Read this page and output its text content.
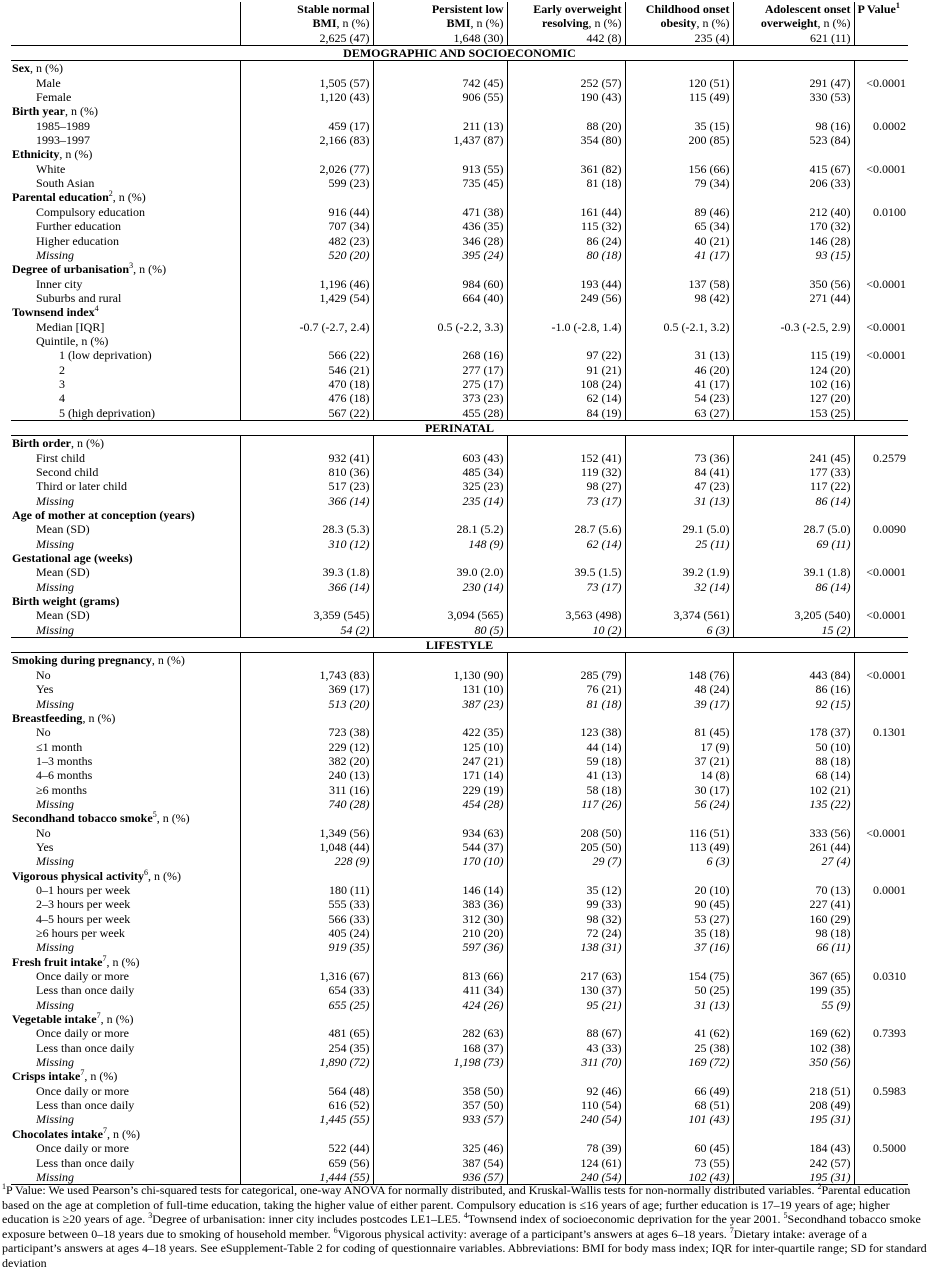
	Stable normal	Persistent low	Early overweight	Childhood onset	Adolescent onset	P Value$^1$
	BMI, n (%)	BMI, n (%)	resolving, n (%)	obesity, n (%)	overweight, n (%)	
	2,625 (47)	1,648 (30)	442 (8)	235 (4)	621 (11)	
DEMOGRAPHIC AND SOCIOECONOMIC						
Sex, n (%)						
Male	1,505 (57)	742 (45)	252 (57)	120 (51)	291 (47)	<0.0001
Female	1,120 (43)	906 (55)	190 (43)	115 (49)	330 (53)	
Birth year, n (%)						
1985–1989	459 (17)	211 (13)	88 (20)	35 (15)	98 (16)	0.0002
1993–1997	2,166 (83)	1,437 (87)	354 (80)	200 (85)	523 (84)	
Ethnicity, n (%)						
White	2,026 (77)	913 (55)	361 (82)	156 (66)	415 (67)	<0.0001
South Asian	599 (23)	735 (45)	81 (18)	79 (34)	206 (33)	
Parental education$^2$, n (%)						
Compulsory education	916 (44)	471 (38)	161 (44)	89 (46)	212 (40)	0.0100
Further education	707 (34)	436 (35)	115 (32)	65 (34)	170 (32)	
Higher education	482 (23)	346 (28)	86 (24)	40 (21)	146 (28)	
Missing	520 (20)	395 (24)	80 (18)	41 (17)	93 (15)	
Degree of urbanisation$^3$, n (%)						
Inner city	1,196 (46)	984 (60)	193 (44)	137 (58)	350 (56)	<0.0001
Suburbs and rural	1,429 (54)	664 (40)	249 (56)	98 (42)	271 (44)	
Townsend index$^4$						
Median [IQR]	-0.7 (-2.7, 2.4)	0.5 (-2.2, 3.3)	-1.0 (-2.8, 1.4)	0.5 (-2.1, 3.2)	-0.3 (-2.5, 2.9)	<0.0001
Quintile, n (%)						
1 (low deprivation)	566 (22)	268 (16)	97 (22)	31 (13)	115 (19)	<0.0001
2	546 (21)	277 (17)	91 (21)	46 (20)	124 (20)	
3	470 (18)	275 (17)	108 (24)	41 (17)	102 (16)	
4	476 (18)	373 (23)	62 (14)	54 (23)	127 (20)	
5 (high deprivation)	567 (22)	455 (28)	84 (19)	63 (27)	153 (25)	
PERINATAL						
Birth order, n (%)						
First child	932 (41)	603 (43)	152 (41)	73 (36)	241 (45)	0.2579
Second child	810 (36)	485 (34)	119 (32)	84 (41)	177 (33)	
Third or later child	517 (23)	325 (23)	98 (27)	47 (23)	117 (22)	
Missing	366 (14)	235 (14)	73 (17)	31 (13)	86 (14)	
Age of mother at conception (years)						
Mean (SD)	28.3 (5.3)	28.1 (5.2)	28.7 (5.6)	29.1 (5.0)	28.7 (5.0)	0.0090
Missing	310 (12)	148 (9)	62 (14)	25 (11)	69 (11)	
Gestational age (weeks)						
Mean (SD)	39.3 (1.8)	39.0 (2.0)	39.5 (1.5)	39.2 (1.9)	39.1 (1.8)	<0.0001
Missing	366 (14)	230 (14)	73 (17)	32 (14)	86 (14)	
Birth weight (grams)						
Mean (SD)	3,359 (545)	3,094 (565)	3,563 (498)	3,374 (561)	3,205 (540)	<0.0001
Missing	54 (2)	80 (5)	10 (2)	6 (3)	15 (2)	
LIFESTYLE						
Smoking during pregnancy, n (%)						
No	1,743 (83)	1,130 (90)	285 (79)	148 (76)	443 (84)	<0.0001
Yes	369 (17)	131 (10)	76 (21)	48 (24)	86 (16)	
Missing	513 (20)	387 (23)	81 (18)	39 (17)	92 (15)	
Breastfeeding, n (%)						
No	723 (38)	422 (35)	123 (38)	81 (45)	178 (37)	0.1301
≤1 month	229 (12)	125 (10)	44 (14)	17 (9)	50 (10)	
1–3 months	382 (20)	247 (21)	59 (18)	37 (21)	88 (18)	
4–6 months	240 (13)	171 (14)	41 (13)	14 (8)	68 (14)	
≥6 months	311 (16)	229 (19)	58 (18)	30 (17)	102 (21)	
Missing	740 (28)	454 (28)	117 (26)	56 (24)	135 (22)	
Secondhand tobacco smoke$^5$, n (%)						
No	1,349 (56)	934 (63)	208 (50)	116 (51)	333 (56)	<0.0001
Yes	1,048 (44)	544 (37)	205 (50)	113 (49)	261 (44)	
Missing	228 (9)	170 (10)	29 (7)	6 (3)	27 (4)	
Vigorous physical activity$^6$, n (%)						
0–1 hours per week	180 (11)	146 (14)	35 (12)	20 (10)	70 (13)	0.0001
2–3 hours per week	555 (33)	383 (36)	99 (33)	90 (45)	227 (41)	
4–5 hours per week	566 (33)	312 (30)	98 (32)	53 (27)	160 (29)	
≥6 hours per week	405 (24)	210 (20)	72 (24)	35 (18)	98 (18)	
Missing	919 (35)	597 (36)	138 (31)	37 (16)	66 (11)	
Fresh fruit intake$^7$, n (%)						
Once daily or more	1,316 (67)	813 (66)	217 (63)	154 (75)	367 (65)	0.0310
Less than once daily	654 (33)	411 (34)	130 (37)	50 (25)	199 (35)	
Missing	655 (25)	424 (26)	95 (21)	31 (13)	55 (9)	
Vegetable intake$^7$, n (%)						
Once daily or more	481 (65)	282 (63)	88 (67)	41 (62)	169 (62)	0.7393
Less than once daily	254 (35)	168 (37)	43 (33)	25 (38)	102 (38)	
Missing	1,890 (72)	1,198 (73)	311 (70)	169 (72)	350 (56)	
Crisps intake$^7$, n (%)						
Once daily or more	564 (48)	358 (50)	92 (46)	66 (49)	218 (51)	0.5983
Less than once daily	616 (52)	357 (50)	110 (54)	68 (51)	208 (49)	
Missing	1,445 (55)	933 (57)	240 (54)	101 (43)	195 (31)	
Chocolates intake$^7$, n (%)						
Once daily or more	522 (44)	325 (46)	78 (39)	60 (45)	184 (43)	0.5000
Less than once daily	659 (56)	387 (54)	124 (61)	73 (55)	242 (57)	
Missing	1,444 (55)	936 (57)	240 (54)	102 (43)	195 (31)	

$^1$P Value: We used Pearson’s chi-squared tests for categorical, one-way ANOVA for normally distributed, and Kruskal-Wallis tests for non-normally distributed variables. $^2$Parental education based on the age at completion of full-time education, taking the higher value of either parent. Compulsory education is ≤16 years of age; further education is 17–19 years of age; higher education is ≥20 years of age. $^3$Degree of urbanisation: inner city includes postcodes LE1–LE5. $^4$Townsend index of socioeconomic deprivation for the year 2001. $^5$Secondhand tobacco smoke exposure between 0–18 years due to smoking of household member. $^6$Vigorous physical activity: average of a participant’s answers at ages 6–18 years. $^7$Dietary intake: average of a participant’s answers at ages 4–18 years. See eSupplement-Table 2 for coding of questionnaire variables. Abbreviations: BMI for body mass index; IQR for inter-quartile range; SD for standard deviation
